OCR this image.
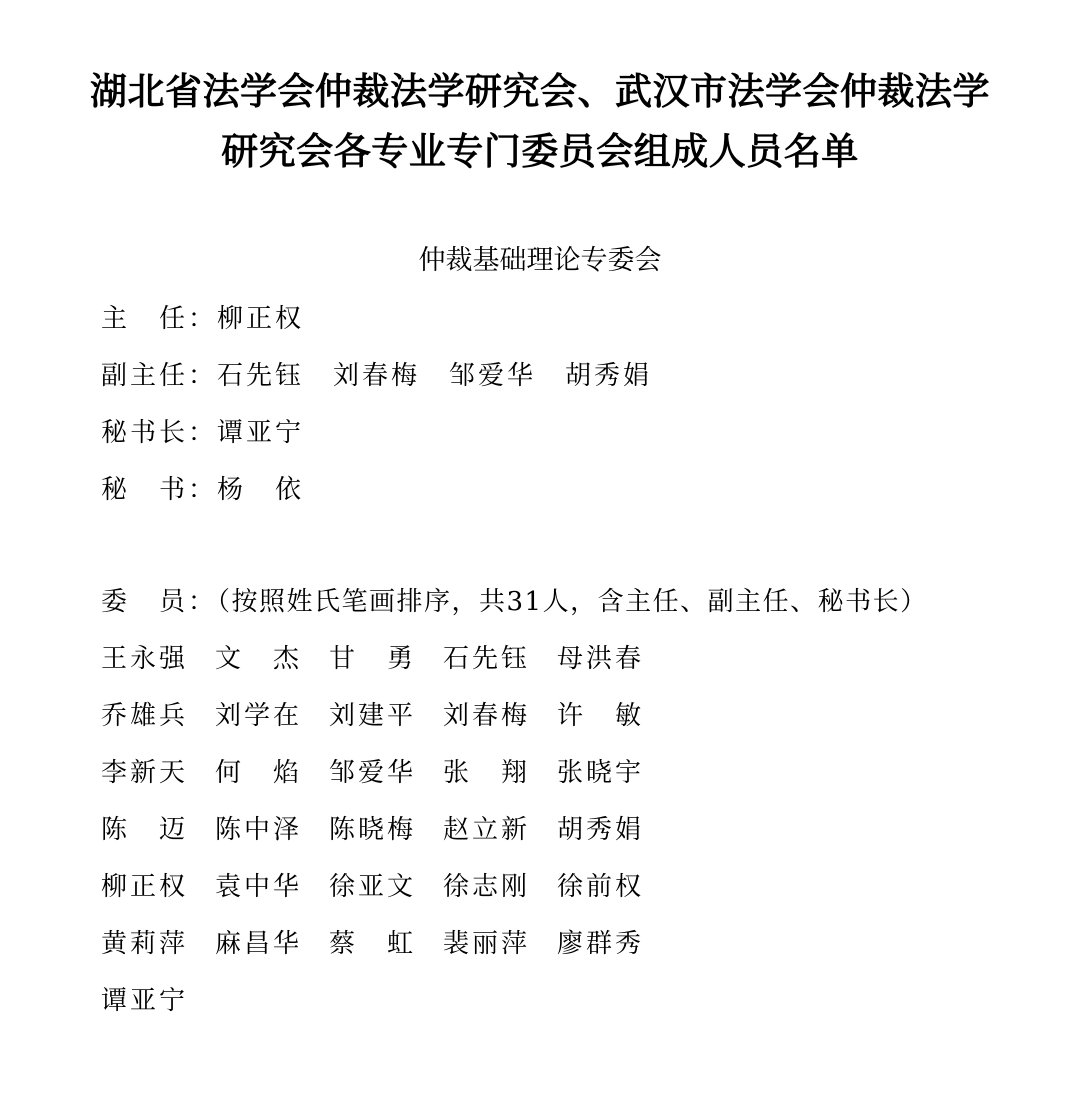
湖北省法学会仲裁法学研究会、武汉市法学会仲裁法学
研究会各专业专门委员会组成人员名单
仲裁基础理论专委会
主　任：柳正权
副主任：石先钰　刘春梅　邹爱华　胡秀娟
秘书长：谭亚宁
秘　书：杨　依
委　员：（按照姓氏笔画排序，共31人，含主任、副主任、秘书长）
王永强	文　杰	甘　勇	石先钰	母洪春
乔雄兵	刘学在	刘建平	刘春梅	许　敏
李新天	何　焰	邹爱华	张　翔	张晓宇
陈　迈	陈中泽	陈晓梅	赵立新	胡秀娟
柳正权	袁中华	徐亚文	徐志刚	徐前权
黄莉萍	麻昌华	蔡　虹	裴丽萍	廖群秀
谭亚宁
